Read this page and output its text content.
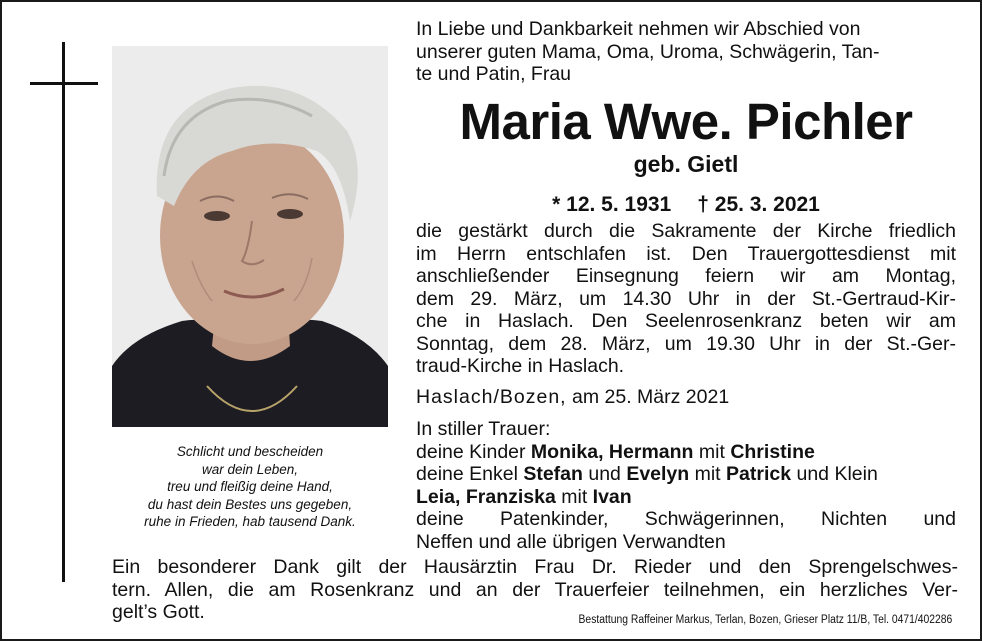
Schlicht und bescheiden
war dein Leben,
treu und fleißig deine Hand,
du hast dein Bestes uns gegeben,
ruhe in Frieden, hab tausend Dank.
In Liebe und Dankbarkeit nehmen wir Abschied von
unserer guten Mama, Oma, Uroma, Schwägerin, Tan-
te und Patin, Frau
Maria Wwe. Pichler
geb. Gietl
* 12. 5. 1931 † 25. 3. 2021
die gestärkt durch die Sakramente der Kirche friedlich
im Herrn entschlafen ist. Den Trauergottesdienst mit
anschließender Einsegnung feiern wir am Montag,
dem 29. März, um 14.30 Uhr in der St.-Gertraud-Kir-
che in Haslach. Den Seelenrosenkranz beten wir am
Sonntag, dem 28. März, um 19.30 Uhr in der St.-Ger-
traud-Kirche in Haslach.
Haslach/Bozen, am 25. März 2021
In stiller Trauer:
deine Kinder Monika, Hermann mit Christine
deine Enkel Stefan und Evelyn mit Patrick und Klein
Leia, Franziska mit Ivan
deine Patenkinder, Schwägerinnen, Nichten und
Neffen und alle übrigen Verwandten
Ein besonderer Dank gilt der Hausärztin Frau Dr. Rieder und den Sprengelschwes-
tern. Allen, die am Rosenkranz und an der Trauerfeier teilnehmen, ein herzliches Ver-
gelt’s Gott.	Bestattung Raffeiner Markus, Terlan, Bozen, Grieser Platz 11/B, Tel. 0471/402286
